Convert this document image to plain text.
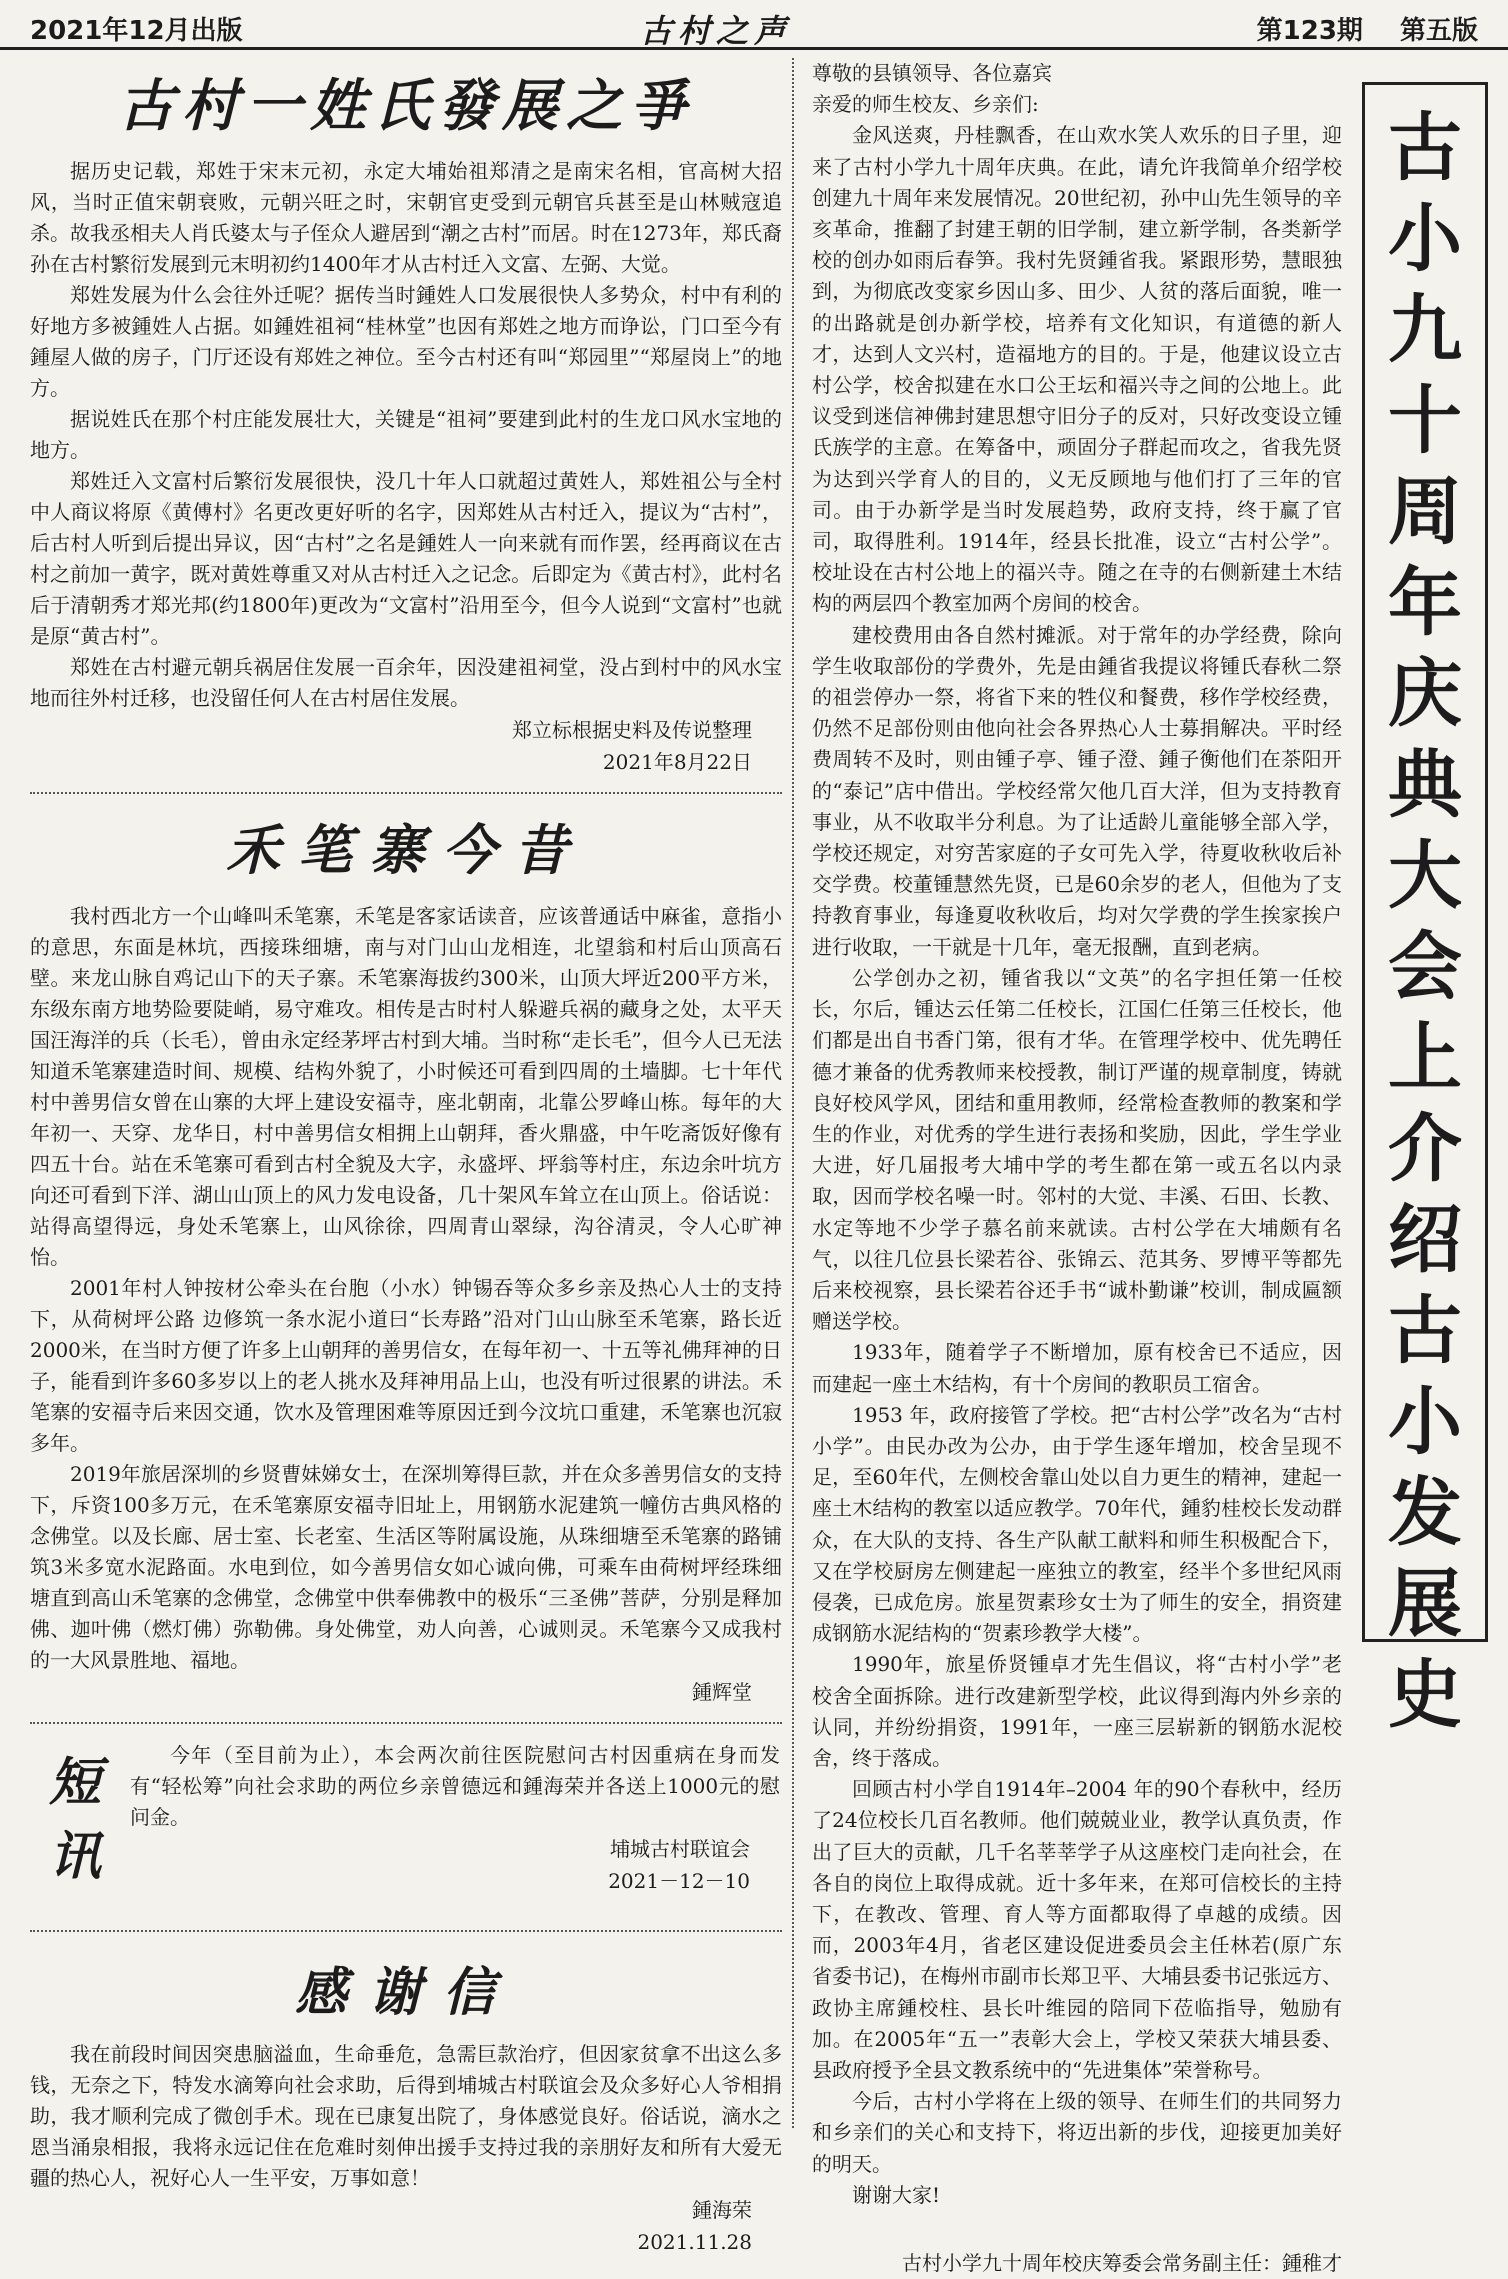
2021年12月出版	古村之声	第123期 第五版
古村一姓氏發展之爭

据历史记载，郑姓于宋末元初，永定大埔始祖郑清之是南宋名相，官高树大招风，当时正值宋朝衰败，元朝兴旺之时，宋朝官吏受到元朝官兵甚至是山林贼寇追杀。故我丞相夫人肖氏婆太与子侄众人避居到“潮之古村”而居。时在1273年，郑氏裔孙在古村繁衍发展到元末明初约1400年才从古村迁入文富、左弼、大觉。

郑姓发展为什么会往外迁呢？据传当时鍾姓人口发展很快人多势众，村中有利的好地方多被鍾姓人占据。如鍾姓祖祠“桂林堂”也因有郑姓之地方而诤讼，门口至今有鍾屋人做的房子，门厅还设有郑姓之神位。至今古村还有叫“郑园里”“郑屋岗上”的地方。

据说姓氏在那个村庄能发展壮大，关键是“祖祠”要建到此村的生龙口风水宝地的地方。

郑姓迁入文富村后繁衍发展很快，没几十年人口就超过黄姓人，郑姓祖公与全村中人商议将原《黄傅村》名更改更好听的名字，因郑姓从古村迁入，提议为“古村”，后古村人听到后提出异议，因“古村”之名是鍾姓人一向来就有而作罢，经再商议在古村之前加一黄字，既对黄姓尊重又对从古村迁入之记念。后即定为《黄古村》，此村名后于清朝秀才郑光邦(约1800年)更改为“文富村”沿用至今，但今人说到“文富村”也就是原“黄古村”。

郑姓在古村避元朝兵祸居住发展一百余年，因没建祖祠堂，没占到村中的风水宝地而往外村迁移，也没留任何人在古村居住发展。

郑立标根据史料及传说整理
2021年8月22日
禾笔寨今昔

我村西北方一个山峰叫禾笔寨，禾笔是客家话读音，应该普通话中麻雀，意指小的意思，东面是林坑，西接珠细塘，南与对门山山龙相连，北望翁和村后山顶高石壁。来龙山脉自鸡记山下的天子寨。禾笔寨海拔约300米，山顶大坪近200平方米，东级东南方地势险要陡峭，易守难攻。相传是古时村人躲避兵祸的藏身之处，太平天国汪海洋的兵（长毛），曾由永定经茅坪古村到大埔。当时称“走长毛”，但今人已无法知道禾笔寨建造时间、规模、结构外貌了，小时候还可看到四周的土墙脚。七十年代村中善男信女曾在山寨的大坪上建设安福寺，座北朝南，北靠公罗峰山栋。每年的大年初一、天穿、龙华日，村中善男信女相拥上山朝拜，香火鼎盛，中午吃斋饭好像有四五十台。站在禾笔寨可看到古村全貌及大字，永盛坪、坪翁等村庄，东边余叶坑方向还可看到下洋、湖山山顶上的风力发电设备，几十架风车耸立在山顶上。俗话说：站得高望得远，身处禾笔寨上，山风徐徐，四周青山翠绿，沟谷清灵，令人心旷神怡。

2001年村人钟按材公牵头在台胞（小水）钟锡吞等众多乡亲及热心人士的支持下，从荷树坪公路 边修筑一条水泥小道曰“长寿路”沿对门山山脉至禾笔寨，路长近2000米，在当时方便了许多上山朝拜的善男信女，在每年初一、十五等礼佛拜神的日子，能看到许多60多岁以上的老人挑水及拜神用品上山，也没有听过很累的讲法。禾笔寨的安福寺后来因交通，饮水及管理困难等原因迁到今汶坑口重建，禾笔寨也沉寂多年。

2019年旅居深圳的乡贤曹妹娣女士，在深圳筹得巨款，并在众多善男信女的支持下，斥资100多万元，在禾笔寨原安福寺旧址上，用钢筋水泥建筑一幢仿古典风格的念佛堂。以及长廊、居士室、长老室、生活区等附属设施，从珠细塘至禾笔寨的路铺筑3米多宽水泥路面。水电到位，如今善男信女如心诚向佛，可乘车由荷树坪经珠细塘直到高山禾笔寨的念佛堂，念佛堂中供奉佛教中的极乐“三圣佛”菩萨，分别是释加佛、迦叶佛（燃灯佛）弥勒佛。身处佛堂，劝人向善，心诚则灵。禾笔寨今又成我村的一大风景胜地、福地。

鍾辉堂
短
讯

今年（至目前为止），本会两次前往医院慰问古村因重病在身而发有“轻松筹”向社会求助的两位乡亲曾德远和鍾海荣并各送上1000元的慰问金。

埔城古村联谊会
2021－12－10
感谢信

我在前段时间因突患脑溢血，生命垂危，急需巨款治疗，但因家贫拿不出这么多钱，无奈之下，特发水滴筹向社会求助，后得到埔城古村联谊会及众多好心人爷相捐助，我才顺利完成了微创手术。现在已康复出院了，身体感觉良好。俗话说，滴水之恩当涌泉相报，我将永远记住在危难时刻伸出援手支持过我的亲朋好友和所有大爱无疆的热心人，祝好心人一生平安，万事如意！

鍾海荣
2021.11.28

尊敬的县镇领导、各位嘉宾

亲爱的师生校友、乡亲们:

金风送爽，丹桂飘香，在山欢水笑人欢乐的日子里，迎来了古村小学九十周年庆典。在此，请允许我简单介绍学校创建九十周年来发展情况。20世纪初，孙中山先生领导的辛亥革命，推翻了封建王朝的旧学制，建立新学制，各类新学校的创办如雨后春笋。我村先贤鍾省我。紧跟形势，慧眼独到，为彻底改变家乡因山多、田少、人贫的落后面貌，唯一的出路就是创办新学校，培养有文化知识，有道德的新人才，达到人文兴村，造福地方的目的。于是，他建议设立古村公学，校舍拟建在水口公王坛和福兴寺之间的公地上。此议受到迷信神佛封建思想守旧分子的反对，只好改变设立锺氏族学的主意。在筹备中，顽固分子群起而攻之，省我先贤为达到兴学育人的目的，义无反顾地与他们打了三年的官司。由于办新学是当时发展趋势，政府支持，终于赢了官司，取得胜利。1914年，经县长批准，设立“古村公学”。校址设在古村公地上的福兴寺。随之在寺的右侧新建土木结构的两层四个教室加两个房间的校舍。

建校费用由各自然村摊派。对于常年的办学经费，除向学生收取部份的学费外，先是由鍾省我提议将锺氏春秋二祭的祖尝停办一祭，将省下来的牲仪和餐费，移作学校经费，仍然不足部份则由他向社会各界热心人士募捐解决。平时经费周转不及时，则由锺子亭、锺子澄、鍾子衡他们在茶阳开的“泰记”店中借出。学校经常欠他几百大洋，但为支持教育事业，从不收取半分利息。为了让适龄儿童能够全部入学，学校还规定，对穷苦家庭的子女可先入学，待夏收秋收后补交学费。校董锺慧然先贤，已是60余岁的老人，但他为了支持教育事业，每逢夏收秋收后，均对欠学费的学生挨家挨户进行收取，一干就是十几年，毫无报酬，直到老病。

公学创办之初，锺省我以“文英”的名字担任第一任校长，尔后，锺达云任第二任校长，江国仁任第三任校长，他们都是出自书香门第，很有才华。在管理学校中、优先聘任德才兼备的优秀教师来校授教，制订严谨的规章制度，铸就良好校风学风，团结和重用教师，经常检查教师的教案和学生的作业，对优秀的学生进行表扬和奖励，因此，学生学业大进，好几届报考大埔中学的考生都在第一或五名以内录取，因而学校名噪一时。邻村的大觉、丰溪、石田、长教、水定等地不少学子慕名前来就读。古村公学在大埔颇有名气，以往几位县长梁若谷、张锦云、范其务、罗博平等都先后来校视察，县长梁若谷还手书“诚朴勤谦”校训，制成匾额赠送学校。

1933年，随着学子不断增加，原有校舍已不适应，因而建起一座土木结构，有十个房间的教职员工宿舍。

1953 年，政府接管了学校。把“古村公学”改名为“古村小学”。由民办改为公办，由于学生逐年增加，校舍呈现不足，至60年代，左侧校舍靠山处以自力更生的精神，建起一座土木结构的教室以适应教学。70年代，鍾豹桂校长发动群众，在大队的支持、各生产队献工献料和师生积极配合下，又在学校厨房左侧建起一座独立的教室，经半个多世纪风雨侵袭，已成危房。旅星贺素珍女士为了师生的安全，捐资建成钢筋水泥结构的“贺素珍教学大楼”。

1990年，旅星侨贤锺卓才先生倡议，将“古村小学”老校舍全面拆除。进行改建新型学校，此议得到海内外乡亲的认同，并纷纷捐资，1991年，一座三层崭新的钢筋水泥校舍，终于落成。

回顾古村小学自1914年–2004 年的90个春秋中，经历了24位校长几百名教师。他们兢兢业业，教学认真负责，作出了巨大的贡献，几千名莘莘学子从这座校门走向社会，在各自的岗位上取得成就。近十多年来，在郑可信校长的主持下，在教改、管理、育人等方面都取得了卓越的成绩。因而，2003年4月，省老区建设促进委员会主任林若(原广东省委书记)，在梅州市副市长郑卫平、大埔县委书记张远方、政协主席鍾校柱、县长叶维园的陪同下莅临指导，勉励有加。在2005年“五一”表彰大会上，学校又荣获大埔县委、县政府授予全县文教系统中的“先进集体”荣誉称号。

今后，古村小学将在上级的领导、在师生们的共同努力和乡亲们的关心和支持下，将迈出新的步伐，迎接更加美好的明天。

谢谢大家!

古村小学九十周年校庆筹委会常务副主任：鍾稚才
古
小
九
十
周
年
庆
典
大
会
上
介
绍
古
小
发
展
史
